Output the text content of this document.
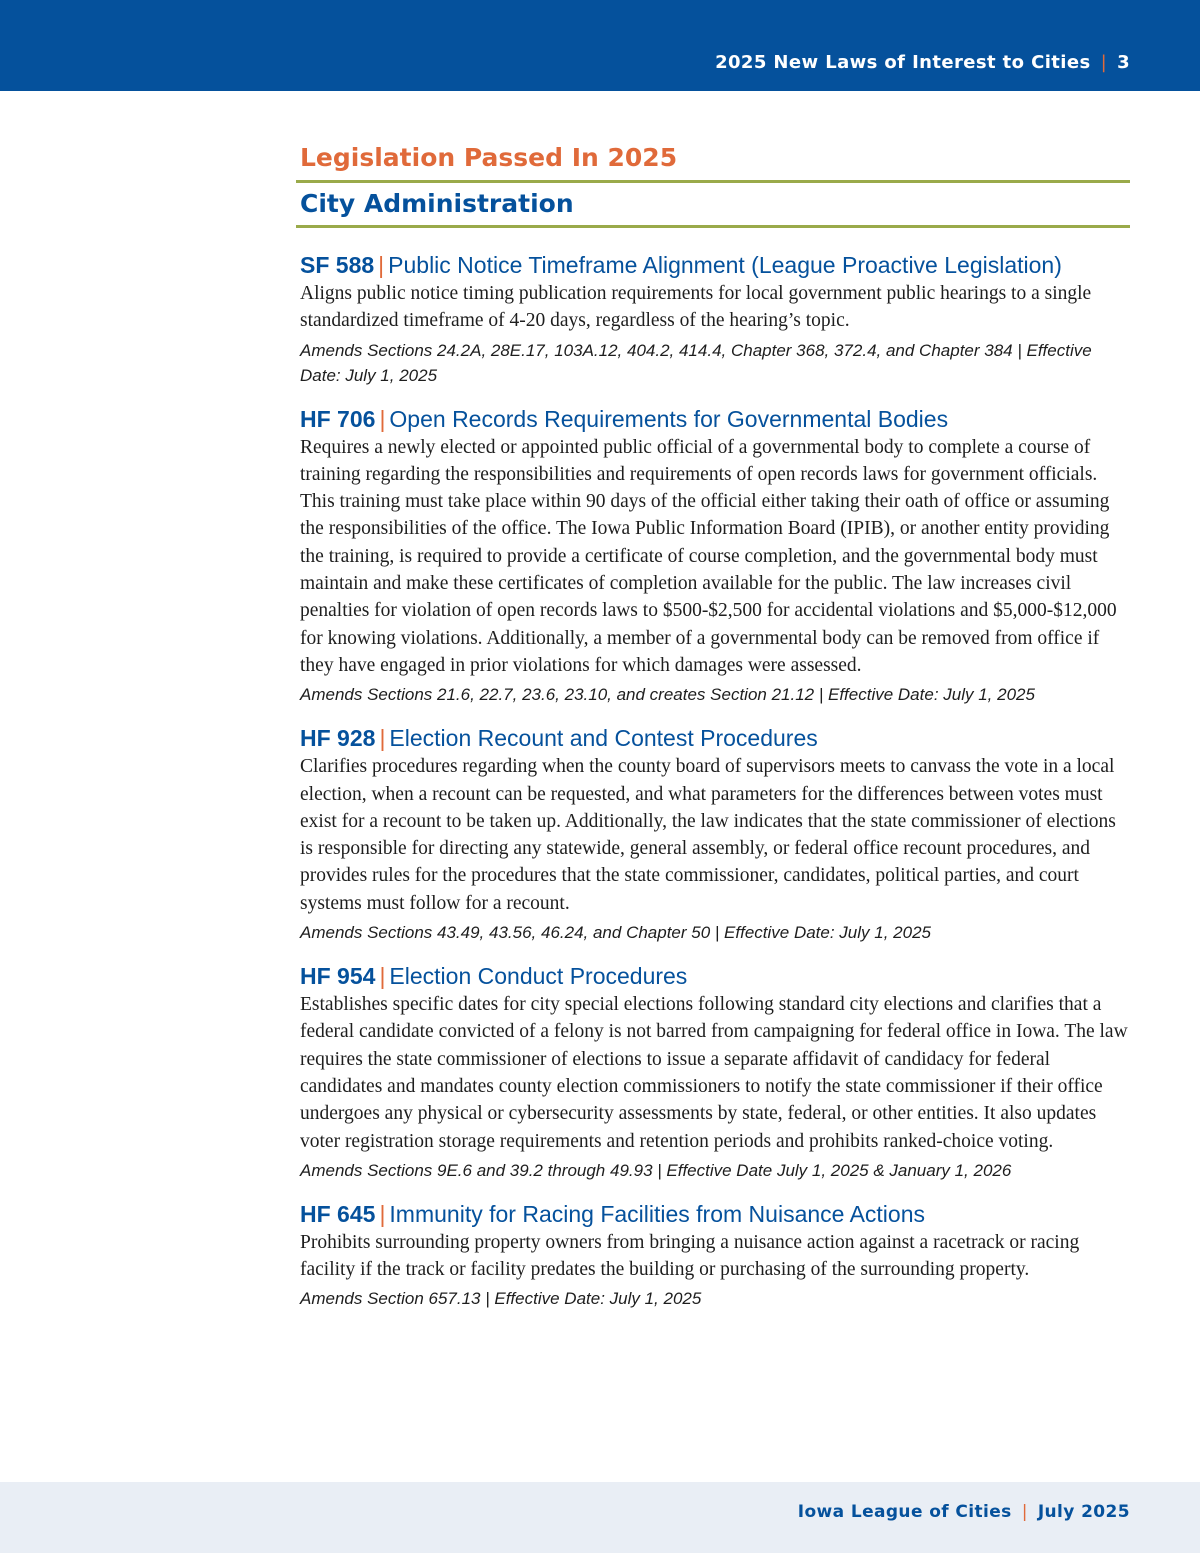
2025 New Laws of Interest to Cities | 3
Legislation Passed In 2025
City Administration
SF 588 | Public Notice Timeframe Alignment (League Proactive Legislation)

Aligns public notice timing publication requirements for local government public hearings to a single standardized timeframe of 4-20 days, regardless of the hearing’s topic.

Amends Sections 24.2A, 28E.17, 103A.12, 404.2, 414.4, Chapter 368, 372.4, and Chapter 384 | Effective Date: July 1, 2025
HF 706 | Open Records Requirements for Governmental Bodies

Requires a newly elected or appointed public official of a governmental body to complete a course of training regarding the responsibilities and requirements of open records laws for government officials. This training must take place within 90 days of the official either taking their oath of office or assuming the responsibilities of the office. The Iowa Public Information Board (IPIB), or another entity providing the training, is required to provide a certificate of course completion, and the governmental body must maintain and make these certificates of completion available for the public. The law increases civil penalties for violation of open records laws to $500-$2,500 for accidental violations and $5,000-$12,000 for knowing violations. Additionally, a member of a governmental body can be removed from office if they have engaged in prior violations for which damages were assessed.

Amends Sections 21.6, 22.7, 23.6, 23.10, and creates Section 21.12 | Effective Date: July 1, 2025
HF 928 | Election Recount and Contest Procedures

Clarifies procedures regarding when the county board of supervisors meets to canvass the vote in a local election, when a recount can be requested, and what parameters for the differences between votes must exist for a recount to be taken up. Additionally, the law indicates that the state commissioner of elections is responsible for directing any statewide, general assembly, or federal office recount procedures, and provides rules for the procedures that the state commissioner, candidates, political parties, and court systems must follow for a recount.

Amends Sections 43.49, 43.56, 46.24, and Chapter 50 | Effective Date: July 1, 2025
HF 954 | Election Conduct Procedures

Establishes specific dates for city special elections following standard city elections and clarifies that a federal candidate convicted of a felony is not barred from campaigning for federal office in Iowa. The law requires the state commissioner of elections to issue a separate affidavit of candidacy for federal candidates and mandates county election commissioners to notify the state commissioner if their office undergoes any physical or cybersecurity assessments by state, federal, or other entities. It also updates voter registration storage requirements and retention periods and prohibits ranked-choice voting.

Amends Sections 9E.6 and 39.2 through 49.93 | Effective Date July 1, 2025 & January 1, 2026
HF 645 | Immunity for Racing Facilities from Nuisance Actions

Prohibits surrounding property owners from bringing a nuisance action against a racetrack or racing facility if the track or facility predates the building or purchasing of the surrounding property.

Amends Section 657.13 | Effective Date: July 1, 2025
Iowa League of Cities | July 2025
